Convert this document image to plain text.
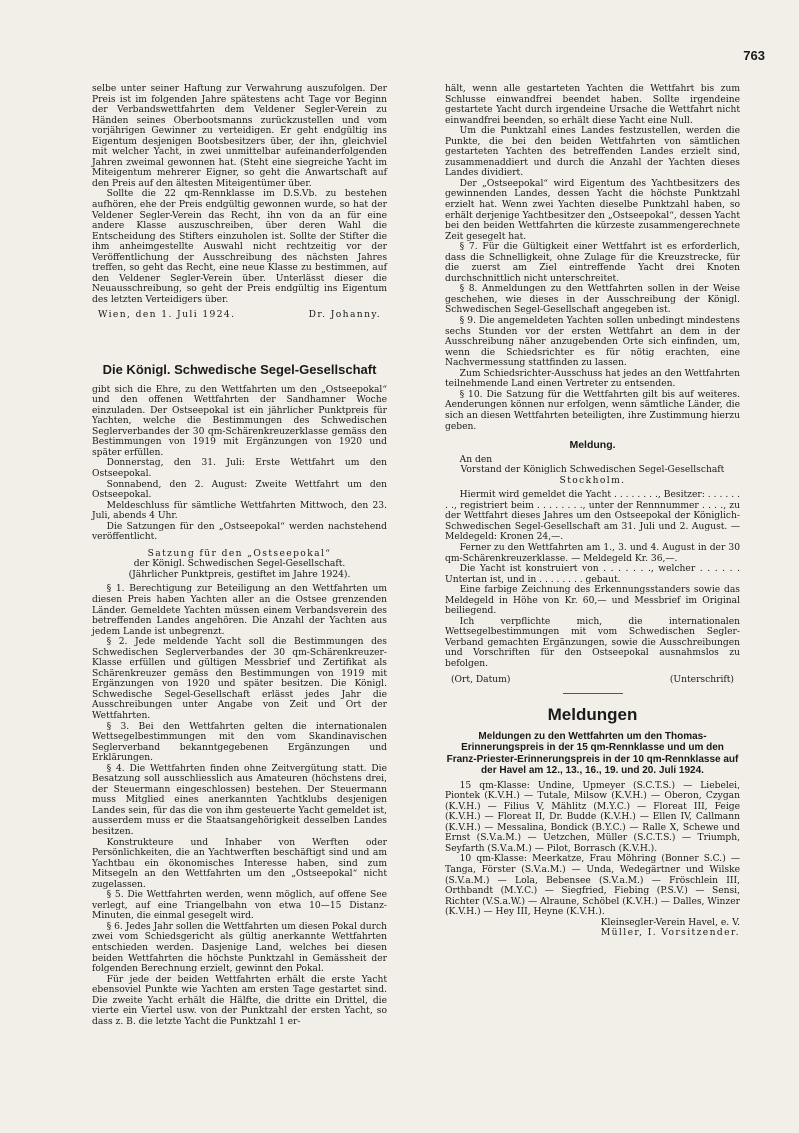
763

selbe unter seiner Haftung zur Verwahrung auszufolgen. Der Preis ist im folgenden Jahre spätestens acht Tage vor Beginn der Verbandswettfahrten dem Veldener Segler-Verein zu Händen seines Oberbootsmanns zurückzustellen und vom vorjährigen Gewinner zu verteidigen. Er geht endgültig ins Eigentum desjenigen Bootsbesitzers über, der ihn, gleichviel mit welcher Yacht, in zwei unmittelbar aufeinanderfolgenden Jahren zweimal gewonnen hat. (Steht eine siegreiche Yacht im Miteigentum mehrerer Eigner, so geht die Anwartschaft auf den Preis auf den ältesten Miteigentümer über.

Sollte die 22 qm-Rennklasse im D.S.Vb. zu bestehen aufhören, ehe der Preis endgültig gewonnen wurde, so hat der Veldener Segler-Verein das Recht, ihn von da an für eine andere Klasse auszuschreiben, über deren Wahl die Entscheidung des Stifters einzuholen ist. Sollte der Stifter die ihm anheimgestellte Auswahl nicht rechtzeitig vor der Veröffentlichung der Ausschreibung des nächsten Jahres treffen, so geht das Recht, eine neue Klasse zu bestimmen, auf den Veldener Segler-Verein über. Unterlässt dieser die Neuausschreibung, so geht der Preis endgültig ins Eigentum des letzten Verteidigers über.

Wien, den 1. Juli 1924.	Dr. Johanny.
Die Königl. Schwedische Segel-Gesellschaft

gibt sich die Ehre, zu den Wettfahrten um den „Ostseepokal“ und den offenen Wettfahrten der Sandhamner Woche einzuladen. Der Ostseepokal ist ein jährlicher Punktpreis für Yachten, welche die Bestimmungen des Schwedischen Seglerverbandes der 30 qm-Schärenkreuzerklasse gemäss den Bestimmungen von 1919 mit Ergänzungen von 1920 und später erfüllen.

Donnerstag, den 31. Juli: Erste Wettfahrt um den Ostseepokal.

Sonnabend, den 2. August: Zweite Wettfahrt um den Ostseepokal.

Meldeschluss für sämtliche Wettfahrten Mittwoch, den 23. Juli, abends 4 Uhr.

Die Satzungen für den „Ostseepokal“ werden nachstehend veröffentlicht.

Satzung für den „Ostseepokal“

der Königl. Schwedischen Segel-Gesellschaft.

(Jährlicher Punktpreis, gestiftet im Jahre 1924).

§ 1. Berechtigung zur Beteiligung an den Wettfahrten um diesen Preis haben Yachten aller an die Ostsee grenzenden Länder. Gemeldete Yachten müssen einem Verbandsverein des betreffenden Landes angehören. Die Anzahl der Yachten aus jedem Lande ist unbegrenzt.

§ 2. Jede meldende Yacht soll die Bestimmungen des Schwedischen Seglerverbandes der 30 qm-Schärenkreuzer-Klasse erfüllen und gültigen Messbrief und Zertifikat als Schärenkreuzer gemäss den Bestimmungen von 1919 mit Ergänzungen von 1920 und später besitzen. Die Königl. Schwedische Segel-Gesellschaft erlässt jedes Jahr die Ausschreibungen unter Angabe von Zeit und Ort der Wettfahrten.

§ 3. Bei den Wettfahrten gelten die internationalen Wettsegelbestimmungen mit den vom Skandinavischen Seglerverband bekanntgegebenen Ergänzungen und Erklärungen.

§ 4. Die Wettfahrten finden ohne Zeitvergütung statt. Die Besatzung soll ausschliesslich aus Amateuren (höchstens drei, der Steuermann eingeschlossen) bestehen. Der Steuermann muss Mitglied eines anerkannten Yachtklubs desjenigen Landes sein, für das die von ihm gesteuerte Yacht gemeldet ist, ausserdem muss er die Staatsangehörigkeit desselben Landes besitzen.

Konstrukteure und Inhaber von Werften oder Persönlichkeiten, die an Yachtwerften beschäftigt sind und am Yachtbau ein ökonomisches Interesse haben, sind zum Mitsegeln an den Wettfahrten um den „Ostseepokal“ nicht zugelassen.

§ 5. Die Wettfahrten werden, wenn möglich, auf offene See verlegt, auf eine Triangelbahn von etwa 10—15 Distanz-Minuten, die einmal gesegelt wird.

§ 6. Jedes Jahr sollen die Wettfahrten um diesen Pokal durch zwei vom Schiedsgericht als gültig anerkannte Wettfahrten entschieden werden. Dasjenige Land, welches bei diesen beiden Wettfahrten die höchste Punktzahl in Gemässheit der folgenden Berechnung erzielt, gewinnt den Pokal.

Für jede der beiden Wettfahrten erhält die erste Yacht ebensoviel Punkte wie Yachten am ersten Tage gestartet sind. Die zweite Yacht erhält die Hälfte, die dritte ein Drittel, die vierte ein Viertel usw. von der Punktzahl der ersten Yacht, so dass z. B. die letzte Yacht die Punktzahl 1 er-

hält, wenn alle gestarteten Yachten die Wettfahrt bis zum Schlusse einwandfrei beendet haben. Sollte irgendeine gestartete Yacht durch irgendeine Ursache die Wettfahrt nicht einwandfrei beenden, so erhält diese Yacht eine Null.

Um die Punktzahl eines Landes festzustellen, werden die Punkte, die bei den beiden Wettfahrten von sämtlichen gestarteten Yachten des betreffenden Landes erzielt sind, zusammenaddiert und durch die Anzahl der Yachten dieses Landes dividiert.

Der „Ostseepokal“ wird Eigentum des Yachtbesitzers des gewinnenden Landes, dessen Yacht die höchste Punktzahl erzielt hat. Wenn zwei Yachten dieselbe Punktzahl haben, so erhält derjenige Yachtbesitzer den „Ostseepokal“, dessen Yacht bei den beiden Wettfahrten die kürzeste zusammengerechnete Zeit gesegelt hat.

§ 7. Für die Gültigkeit einer Wettfahrt ist es erforderlich, dass die Schnelligkeit, ohne Zulage für die Kreuzstrecke, für die zuerst am Ziel eintreffende Yacht drei Knoten durchschnittlich nicht unterschreitet.

§ 8. Anmeldungen zu den Wettfahrten sollen in der Weise geschehen, wie dieses in der Ausschreibung der Königl. Schwedischen Segel-Gesellschaft angegeben ist.

§ 9. Die angemeldeten Yachten sollen unbedingt mindestens sechs Stunden vor der ersten Wettfahrt an dem in der Ausschreibung näher anzugebenden Orte sich einfinden, um, wenn die Schiedsrichter es für nötig erachten, eine Nachvermessung stattfinden zu lassen.

Zum Schiedsrichter-Ausschuss hat jedes an den Wettfahrten teilnehmende Land einen Vertreter zu entsenden.

§ 10. Die Satzung für die Wettfahrten gilt bis auf weiteres. Aenderungen können nur erfolgen, wenn sämtliche Länder, die sich an diesen Wettfahrten beteiligten, ihre Zustimmung hierzu geben.

Meldung.

An den

Vorstand der Königlich Schwedischen Segel-Gesellschaft

Stockholm.

Hiermit wird gemeldet die Yacht . . . . . . . ., Besitzer: . . . . . . . ., registriert beim . . . . . . . ., unter der Rennnummer . . . ., zu der Wettfahrt dieses Jahres um den Ostseepokal der Königlich-Schwedischen Segel-Gesellschaft am 31. Juli und 2. August. — Meldegeld: Kronen 24,—.

Ferner zu den Wettfahrten am 1., 3. und 4. August in der 30 qm-Schärenkreuzerklasse. — Meldegeld Kr. 36,—.

Die Yacht ist konstruiert von . . . . . . ., welcher . . . . . . Untertan ist, und in . . . . . . . . gebaut.

Eine farbige Zeichnung des Erkennungsstanders sowie das Meldegeld in Höhe von Kr. 60,— und Messbrief im Original beiliegend.

Ich verpflichte mich, die internationalen Wettsegelbestimmungen mit vom Schwedischen Segler-Verband gemachten Ergänzungen, sowie die Ausschreibungen und Vorschriften für den Ostseepokal ausnahmslos zu befolgen.

(Ort, Datum)	(Unterschrift)
Meldungen
Meldungen zu den Wettfahrten um den Thomas-Erinnerungspreis in der 15 qm-Rennklasse und um den Franz-Priester-Erinnerungspreis in der 10 qm-Rennklasse auf der Havel am 12., 13., 16., 19. und 20. Juli 1924.

15 qm-Klasse: Undine, Upmeyer (S.C.T.S.) — Liebelei, Piontek (K.V.H.) — Tutale, Milsow (K.V.H.) — Oberon, Czygan (K.V.H.) — Filius V, Mählitz (M.Y.C.) — Floreat III, Feige (K.V.H.) — Floreat II, Dr. Budde (K.V.H.) — Ellen IV, Callmann (K.V.H.) — Messalina, Bondick (B.Y.C.) — Ralle X, Schewe und Ernst (S.V.a.M.) — Uetzchen, Müller (S.C.T.S.) — Triumph, Seyfarth (S.V.a.M.) — Pilot, Borrasch (K.V.H.).

10 qm-Klasse: Meerkatze, Frau Möhring (Bonner S.C.) — Tanga, Förster (S.V.a.M.) — Unda, Wedegärtner und Wilske (S.V.a.M.) — Lola, Bebensee (S.V.a.M.) — Fröschlein III, Orthbandt (M.Y.C.) — Siegfried, Fiebing (P.S.V.) — Sensi, Richter (V.S.a.W.) — Alraune, Schöbel (K.V.H.) — Dalles, Winzer (K.V.H.) — Hey III, Heyne (K.V.H.).

Kleinsegler-Verein Havel, e. V.

Müller, I. Vorsitzender.
